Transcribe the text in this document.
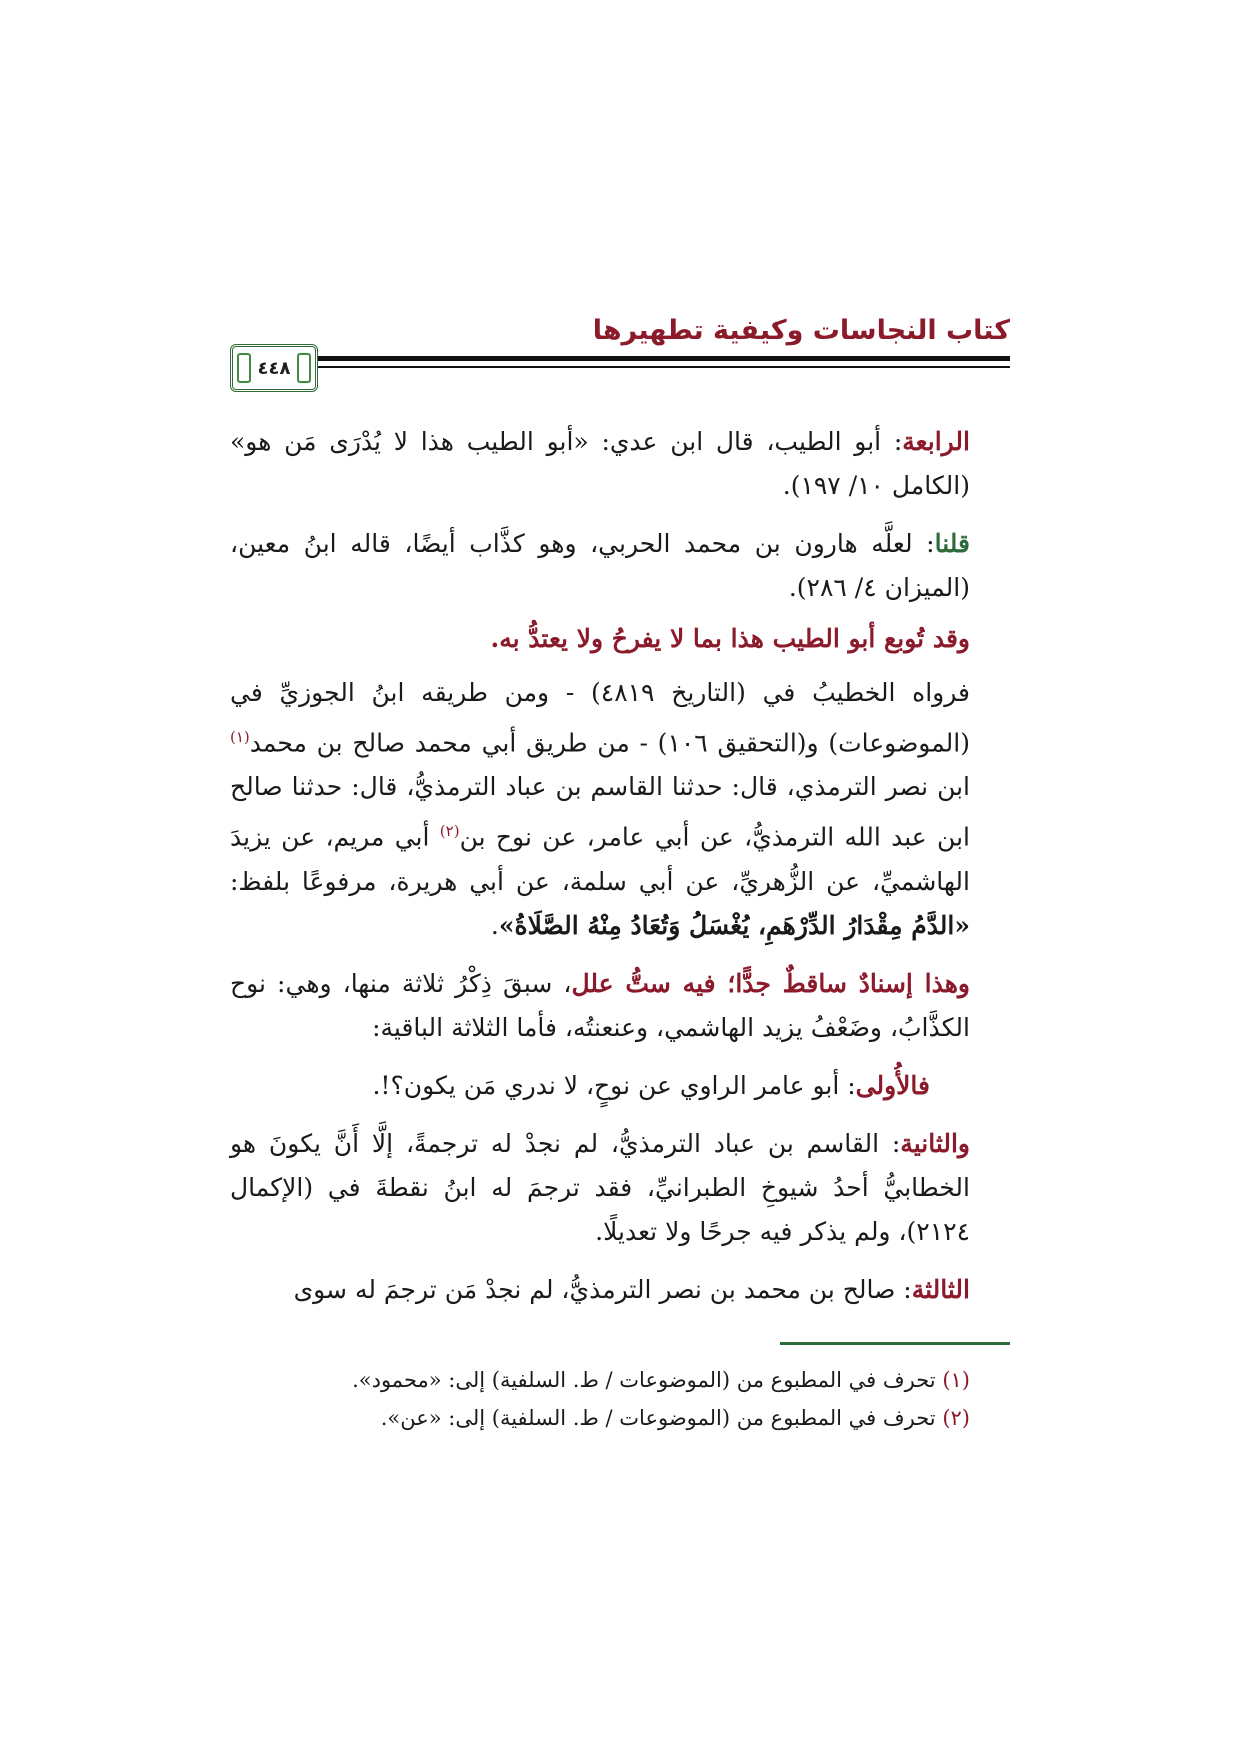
كتاب النجاسات وكيفية تطهيرها
٤٤٨

الرابعة: أبو الطيب، قال ابن عدي: «أبو الطيب هذا لا يُدْرَى مَن هو» (الكامل ١٠/ ١٩٧).

قلنا: لعلَّه هارون بن محمد الحربي، وهو كذَّاب أيضًا، قاله ابنُ معين، (الميزان ٤/ ٢٨٦).

وقد تُوبع أبو الطيب هذا بما لا يفرحُ ولا يعتدُّ به.

فرواه الخطيبُ في (التاريخ ٤٨١٩) - ومن طريقه ابنُ الجوزيِّ في (الموضوعات) و(التحقيق ١٠٦) - من طريق أبي محمد صالح بن محمد$^{(١)}$ ابن نصر الترمذي، قال: حدثنا القاسم بن عباد الترمذيُّ، قال: حدثنا صالح ابن عبد الله الترمذيُّ، عن أبي عامر، عن نوح بن$^{(٢)}$ أبي مريم، عن يزيدَ الهاشميِّ، عن الزُّهريِّ، عن أبي سلمة، عن أبي هريرة، مرفوعًا بلفظ: «الدَّمُ مِقْدَارُ الدِّرْهَمِ، يُغْسَلُ وَتُعَادُ مِنْهُ الصَّلَاةُ».

وهذا إسنادٌ ساقطٌ جدًّا؛ فيه ستُّ علل، سبقَ ذِكْرُ ثلاثة منها، وهي: نوح الكذَّابُ، وضَعْفُ يزيد الهاشمي، وعنعنتُه، فأما الثلاثة الباقية:

فالأُولى: أبو عامر الراوي عن نوحٍ، لا ندري مَن يكون؟!.

والثانية: القاسم بن عباد الترمذيُّ، لم نجدْ له ترجمةً، إلَّا أَنَّ يكونَ هو الخطابيُّ أحدُ شيوخِ الطبرانيِّ، فقد ترجمَ له ابنُ نقطةَ في (الإكمال ٢١٢٤)، ولم يذكر فيه جرحًا ولا تعديلًا.

الثالثة: صالح بن محمد بن نصر الترمذيُّ، لم نجدْ مَن ترجمَ له سوى

(١) تحرف في المطبوع من (الموضوعات / ط. السلفية) إلى: «محمود».
(٢) تحرف في المطبوع من (الموضوعات / ط. السلفية) إلى: «عن».
